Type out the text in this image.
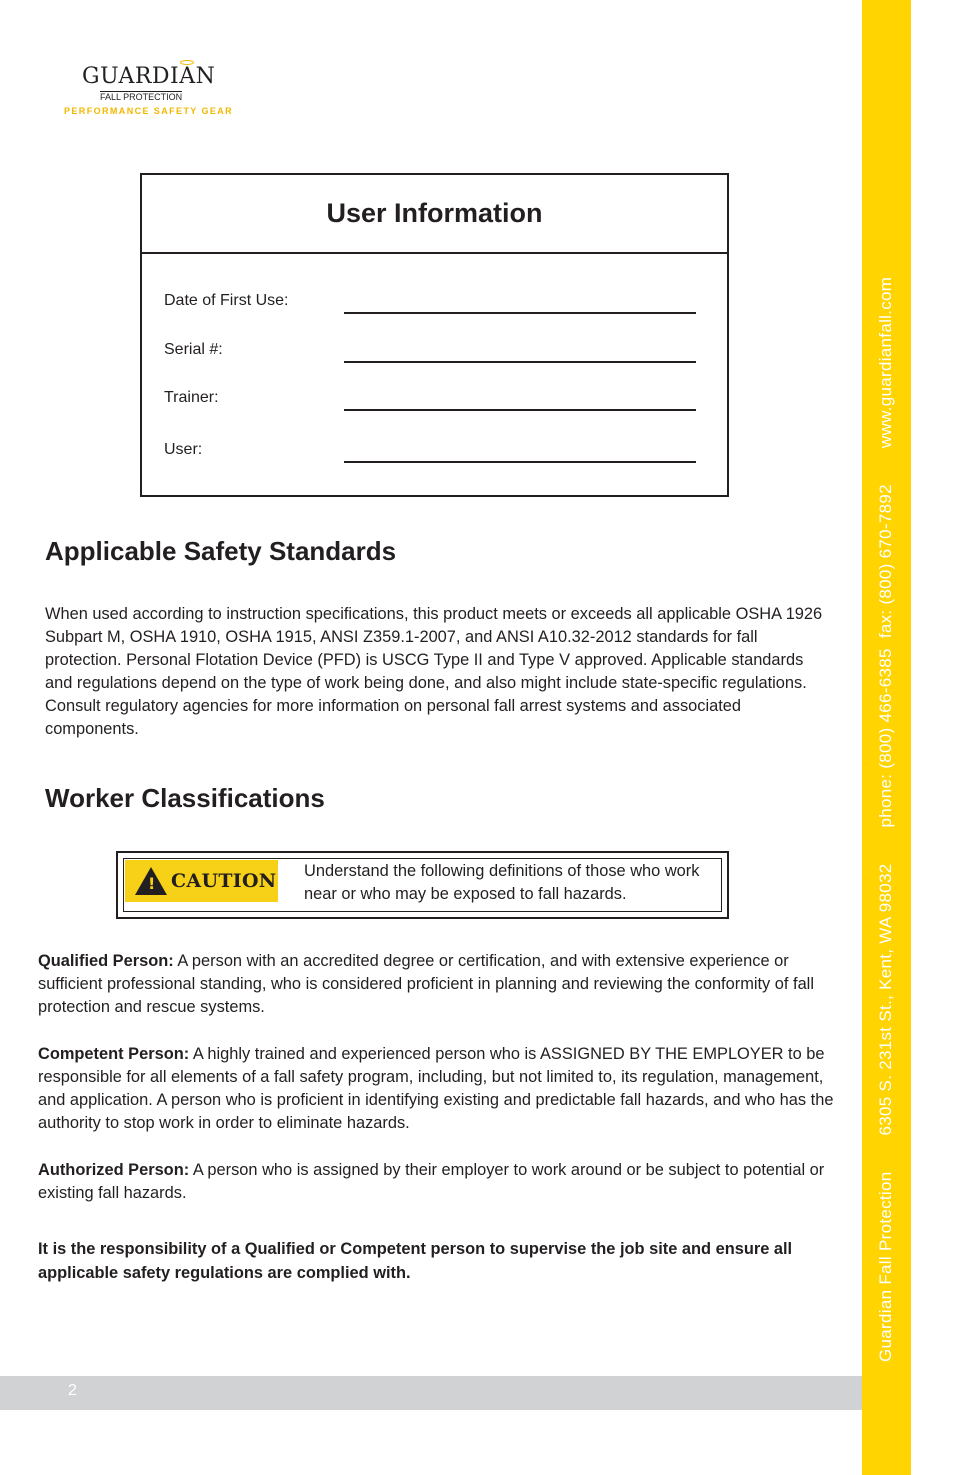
GUARDIAN
FALL PROTECTION
PERFORMANCE SAFETY GEAR
User Information
Date of First Use:
Serial #:
Trainer:
User:
Applicable Safety Standards
When used according to instruction specifications, this product meets or exceeds all applicable OSHA 1926 Subpart M, OSHA 1910, OSHA 1915, ANSI Z359.1-2007, and ANSI A10.32-2012 standards for fall protection. Personal Flotation Device (PFD) is USCG Type II and Type V approved. Applicable standards and regulations depend on the type of work being done, and also might include state-specific regulations. Consult regulatory agencies for more information on personal fall arrest systems and associated components.
Worker Classifications
! CAUTION Understand the following definitions of those who work near or who may be exposed to fall hazards.
Qualified Person: A person with an accredited degree or certification, and with extensive experience or sufficient professional standing, who is considered proficient in planning and reviewing the conformity of fall protection and rescue systems.
Competent Person: A highly trained and experienced person who is ASSIGNED BY THE EMPLOYER to be responsible for all elements of a fall safety program, including, but not limited to, its regulation, management, and application. A person who is proficient in identifying existing and predictable fall hazards, and who has the authority to stop work in order to eliminate hazards.
Authorized Person: A person who is assigned by their employer to work around or be subject to potential or existing fall hazards.
It is the responsibility of a Qualified or Competent person to supervise the job site and ensure all applicable safety regulations are complied with.
2
Guardian Fall Protection6305 S. 231st St., Kent, WA 98032phone: (800) 466-6385  fax: (800) 670-7892www.guardianfall.com
